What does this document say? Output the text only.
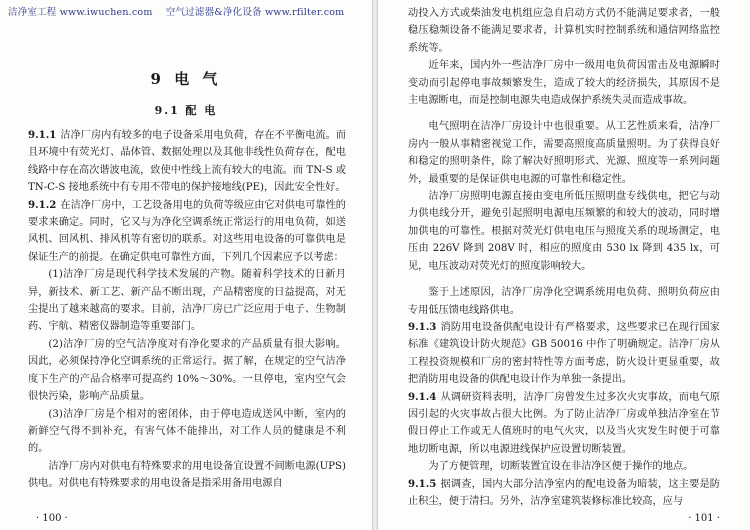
洁净室工程 www.iwuchen.com 空气过滤器&净化设备 www.rfilter.com
9 电 气
9.1 配 电

9.1.1 洁净厂房内有较多的电子设备采用电负荷，存在不平衡电流。而且环境中有荧光灯、晶体管、数据处理以及其他非线性负荷存在，配电线路中存在高次谐波电流，致使中性线上流有较大的电流。而 TN-S 或 TN-C-S 接地系统中有专用不带电的保护接地线(PE)，因此安全性好。

9.1.2 在洁净厂房中，工艺设备用电的负荷等级应由它对供电可靠性的要求来确定。同时，它又与为净化空调系统正常运行的用电负荷，如送风机、回风机、排风机等有密切的联系。对这些用电设备的可靠供电是保证生产的前提。在确定供电可靠性方面，下列几个因素应予以考虑：

(1)洁净厂房是现代科学技术发展的产物。随着科学技术的日新月异，新技术、新工艺、新产品不断出现，产品精密度的日益提高，对无尘提出了越来越高的要求。目前，洁净厂房已广泛应用于电子、生物制药、宇航、精密仪器制造等重要部门。

(2)洁净厂房的空气洁净度对有净化要求的产品质量有很大影响。因此，必须保持净化空调系统的正常运行。据了解，在规定的空气洁净度下生产的产品合格率可提高约 10%～30%。一旦停电，室内空气会很快污染，影响产品质量。

(3)洁净厂房是个相对的密闭体，由于停电造成送风中断，室内的新鲜空气得不到补充，有害气体不能排出，对工作人员的健康是不利的。

洁净厂房内对供电有特殊要求的用电设备宜设置不间断电源(UPS)供电。对供电有特殊要求的用电设备是指采用备用电源自

· 100 ·

动投入方式或柴油发电机组应急自启动方式仍不能满足要求者，一般稳压稳频设备不能满足要求者，计算机实时控制系统和通信网络监控系统等。

近年来，国内外一些洁净厂房中一级用电负荷因雷击及电源瞬时变动而引起停电事故频繁发生，造成了较大的经济损失，其原因不是主电源断电，而是控制电源失电造成保护系统失灵而造成事故。

电气照明在洁净厂房设计中也很重要。从工艺性质来看，洁净厂房内一般从事精密视觉工作，需要高照度高质量照明。为了获得良好和稳定的照明条件，除了解决好照明形式、光源、照度等一系列问题外，最重要的是保证供电电源的可靠性和稳定性。

洁净厂房照明电源直接由变电所低压照明盘专线供电，把它与动力供电线分开，避免引起照明电源电压频繁的和较大的波动，同时增加供电的可靠性。根据对荧光灯供电电压与照度关系的现场测定，电压由 226V 降到 208V 时，相应的照度由 530 lx 降到 435 lx，可见，电压波动对荧光灯的照度影响较大。

鉴于上述原因，洁净厂房净化空调系统用电负荷、照明负荷应由专用低压馈电线路供电。

9.1.3 消防用电设备供配电设计有严格要求，这些要求已在现行国家标准《建筑设计防火规范》GB 50016 中作了明确规定。洁净厂房从工程投资规模和厂房的密封特性等方面考虑，防火设计更显重要，故把消防用电设备的供配电设计作为单独一条提出。

9.1.4 从调研资料表明，洁净厂房曾发生过多次火灾事故，而电气原因引起的火灾事故占很大比例。为了防止洁净厂房或单独洁净室在节假日停止工作或无人值班时的电气火灾，以及当火灾发生时便于可靠地切断电源，所以电源进线保护应设置切断装置。

为了方便管理，切断装置宜设在非洁净区便于操作的地点。

9.1.5 据调查，国内大部分洁净室内的配电设备为暗装，这主要是防止积尘，便于清扫。另外，洁净室建筑装修标准比较高，应与

· 101 ·
